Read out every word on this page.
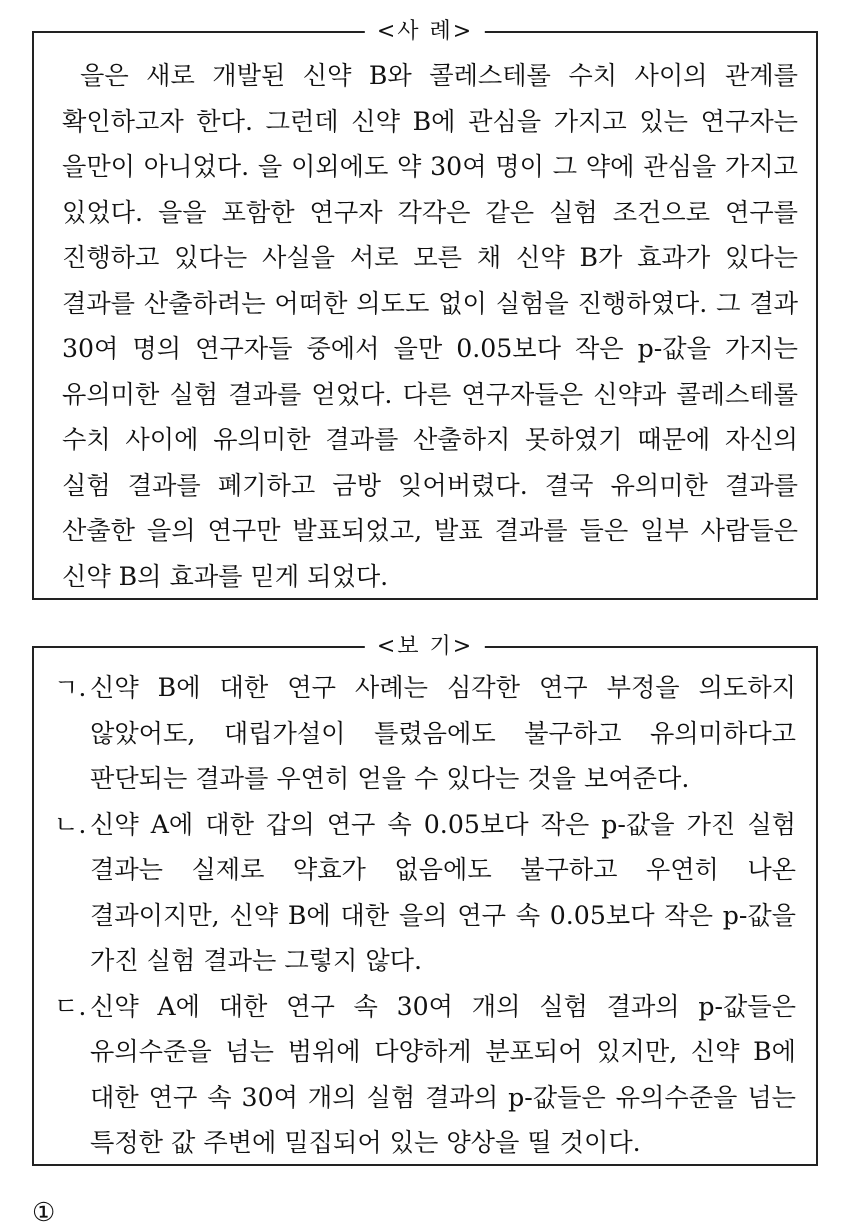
<사 례>

을은 새로 개발된 신약 B와 콜레스테롤 수치 사이의 관계를 확인하고자 한다. 그런데 신약 B에 관심을 가지고 있는 연구자는 을만이 아니었다. 을 이외에도 약 30여 명이 그 약에 관심을 가지고 있었다. 을을 포함한 연구자 각각은 같은 실험 조건으로 연구를 진행하고 있다는 사실을 서로 모른 채 신약 B가 효과가 있다는 결과를 산출하려는 어떠한 의도도 없이 실험을 진행하였다. 그 결과 30여 명의 연구자들 중에서 을만 0.05보다 작은 p-값을 가지는 유의미한 실험 결과를 얻었다. 다른 연구자들은 신약과 콜레스테롤 수치 사이에 유의미한 결과를 산출하지 못하였기 때문에 자신의 실험 결과를 폐기하고 금방 잊어버렸다. 결국 유의미한 결과를 산출한 을의 연구만 발표되었고, 발표 결과를 들은 일부 사람들은 신약 B의 효과를 믿게 되었다.

<보 기>
ㄱ. 신약 B에 대한 연구 사례는 심각한 연구 부정을 의도하지 않았어도, 대립가설이 틀렸음에도 불구하고 유의미하다고 판단되는 결과를 우연히 얻을 수 있다는 것을 보여준다.
ㄴ. 신약 A에 대한 갑의 연구 속 0.05보다 작은 p-값을 가진 실험 결과는 실제로 약효가 없음에도 불구하고 우연히 나온 결과이지만, 신약 B에 대한 을의 연구 속 0.05보다 작은 p-값을 가진 실험 결과는 그렇지 않다.
ㄷ. 신약 A에 대한 연구 속 30여 개의 실험 결과의 p-값들은 유의수준을 넘는 범위에 다양하게 분포되어 있지만, 신약 B에 대한 연구 속 30여 개의 실험 결과의 p-값들은 유의수준을 넘는 특정한 값 주변에 밀집되어 있는 양상을 띨 것이다.
①
